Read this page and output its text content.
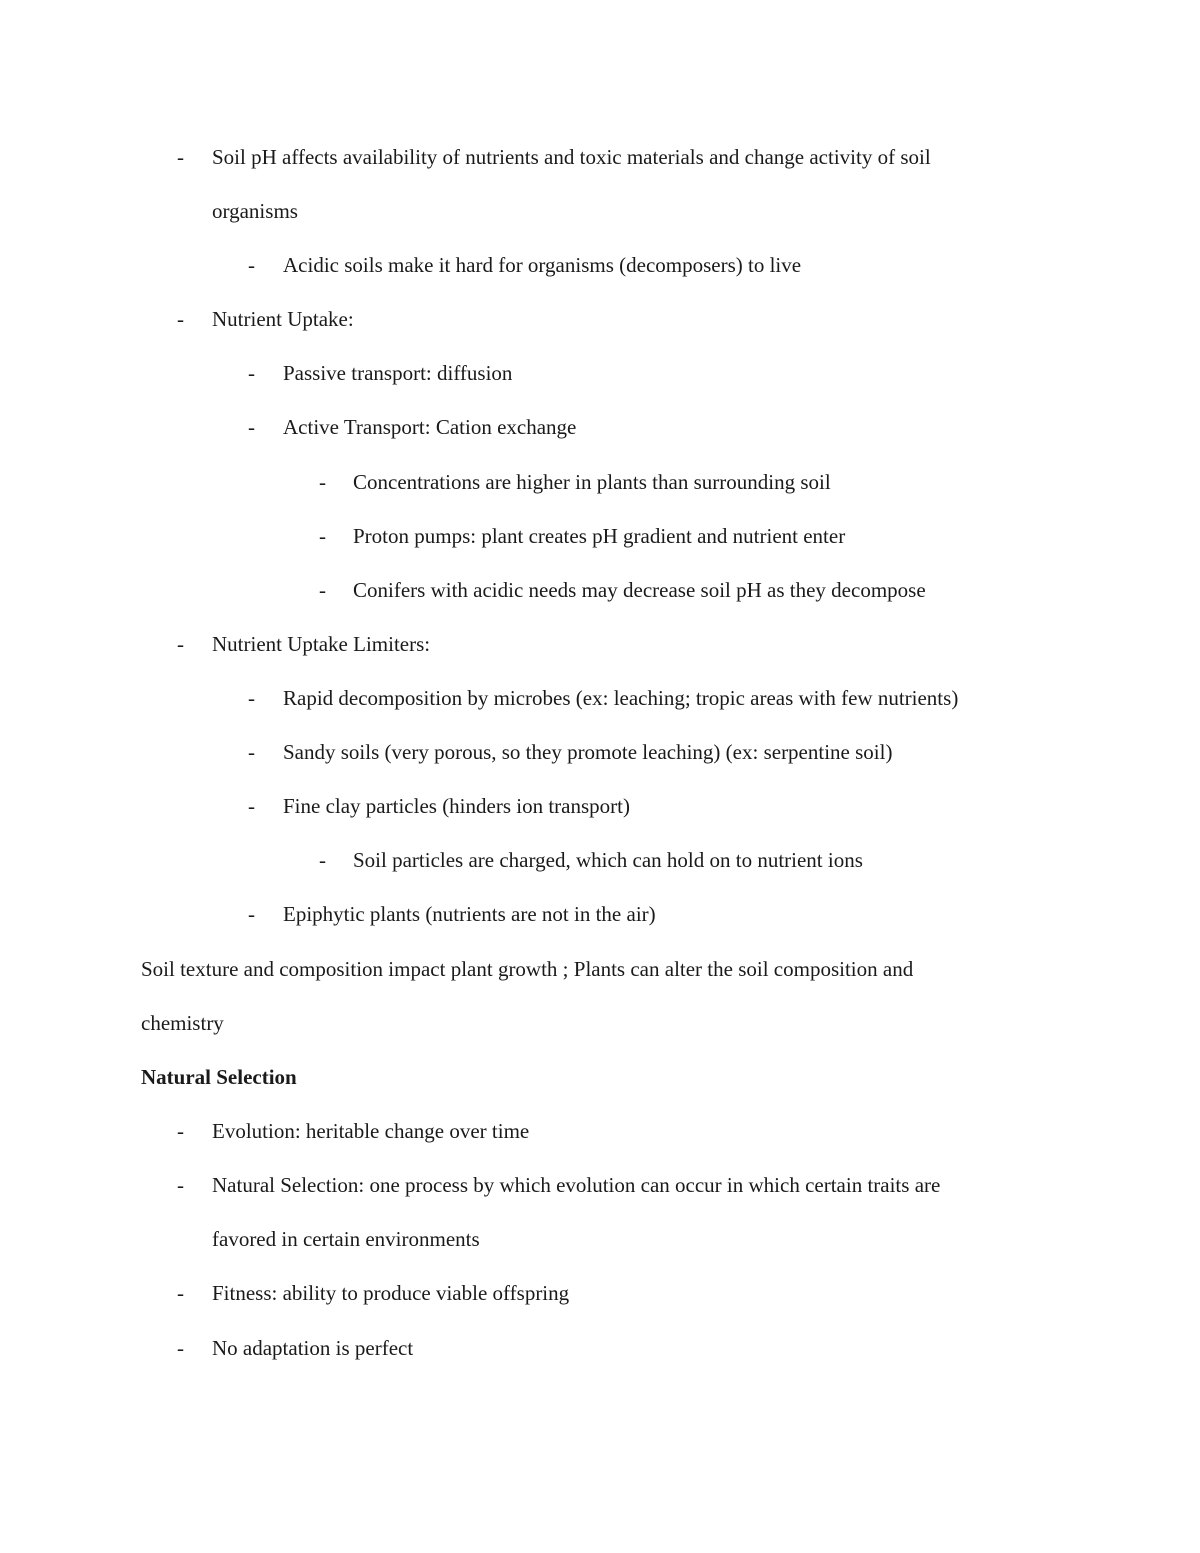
- Soil pH affects availability of nutrients and toxic materials and change activity of soil
organisms
- Acidic soils make it hard for organisms (decomposers) to live
- Nutrient Uptake:
- Passive transport: diffusion
- Active Transport: Cation exchange
- Concentrations are higher in plants than surrounding soil
- Proton pumps: plant creates pH gradient and nutrient enter
- Conifers with acidic needs may decrease soil pH as they decompose
- Nutrient Uptake Limiters:
- Rapid decomposition by microbes (ex: leaching; tropic areas with few nutrients)
- Sandy soils (very porous, so they promote leaching) (ex: serpentine soil)
- Fine clay particles (hinders ion transport)
- Soil particles are charged, which can hold on to nutrient ions
- Epiphytic plants (nutrients are not in the air)
Soil texture and composition impact plant growth ; Plants can alter the soil composition and
chemistry
Natural Selection
- Evolution: heritable change over time
- Natural Selection: one process by which evolution can occur in which certain traits are
favored in certain environments
- Fitness: ability to produce viable offspring
- No adaptation is perfect
